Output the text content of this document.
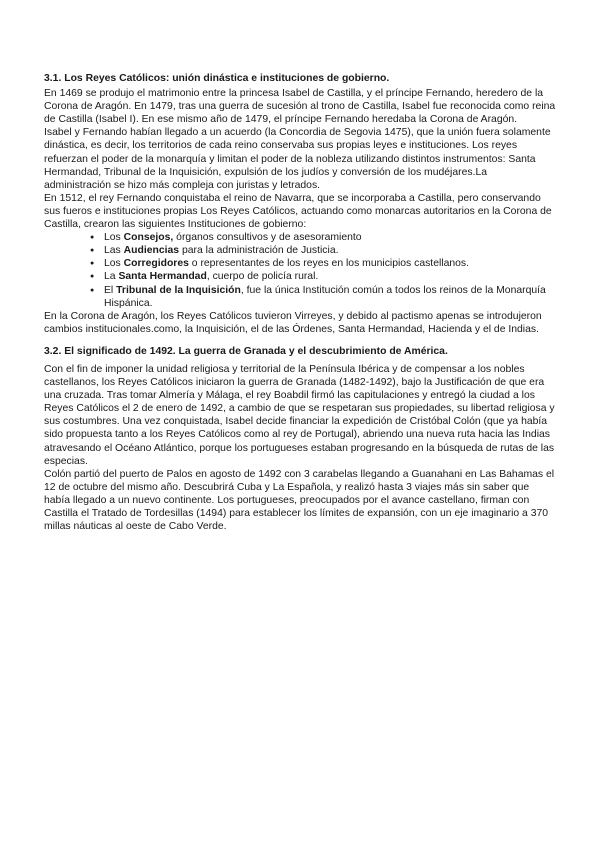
3.1. Los Reyes Católicos: unión dinástica e instituciones de gobierno.

En 1469 se produjo el matrimonio entre la princesa Isabel de Castilla, y el príncipe Fernando, heredero de la Corona de Aragón. En 1479, tras una guerra de sucesión al trono de Castilla, Isabel fue reconocida como reina de Castilla (Isabel I). En ese mismo año de 1479, el príncipe Fernando heredaba la Corona de Aragón.

Isabel y Fernando habían llegado a un acuerdo (la Concordia de Segovia 1475), que la unión fuera solamente dinástica, es decir, los territorios de cada reino conservaba sus propias leyes e instituciones. Los reyes refuerzan el poder de la monarquía y limitan el poder de la nobleza utilizando distintos instrumentos: Santa Hermandad, Tribunal de la Inquisición, expulsión de los judíos y conversión de los mudéjares.La administración se hizo más compleja con juristas y letrados.

En 1512, el rey Fernando conquistaba el reino de Navarra, que se incorporaba a Castilla, pero conservando sus fueros e instituciones propias Los Reyes Católicos, actuando como monarcas autoritarios en la Corona de Castilla, crearon las siguientes Instituciones de gobierno:

● Los Consejos, órganos consultivos y de asesoramiento
● Las Audiencias para la administración de Justicia.
● Los Corregidores o representantes de los reyes en los municipios castellanos.
● La Santa Hermandad, cuerpo de policía rural.
● El Tribunal de la Inquisición, fue la única Institución común a todos los reinos de la Monarquía Hispánica.

En la Corona de Aragón, los Reyes Católicos tuvieron Virreyes, y debido al pactismo apenas se introdujeron cambios institucionales.como, la Inquisición, el de las Órdenes, Santa Hermandad, Hacienda y el de Indias.

3.2. El significado de 1492. La guerra de Granada y el descubrimiento de América.

Con el fin de imponer la unidad religiosa y territorial de la Península Ibérica y de compensar a los nobles castellanos, los Reyes Católicos iniciaron la guerra de Granada (1482-1492), bajo la Justificación de que era una cruzada. Tras tomar Almería y Málaga, el rey Boabdil firmó las capitulaciones y entregó la ciudad a los Reyes Católicos el 2 de enero de 1492, a cambio de que se respetaran sus propiedades, su libertad religiosa y sus costumbres. Una vez conquistada, Isabel decide financiar la expedición de Cristóbal Colón (que ya había sido propuesta tanto a los Reyes Católicos como al rey de Portugal), abriendo una nueva ruta hacia las Indias atravesando el Océano Atlántico, porque los portugueses estaban progresando en la búsqueda de rutas de las especias.

Colón partió del puerto de Palos en agosto de 1492 con 3 carabelas llegando a Guanahani en Las Bahamas el 12 de octubre del mismo año. Descubrirá Cuba y La Española, y realizó hasta 3 viajes más sin saber que había llegado a un nuevo continente. Los portugueses, preocupados por el avance castellano, firman con Castilla el Tratado de Tordesillas (1494) para establecer los límites de expansión, con un eje imaginario a 370 millas náuticas al oeste de Cabo Verde.
